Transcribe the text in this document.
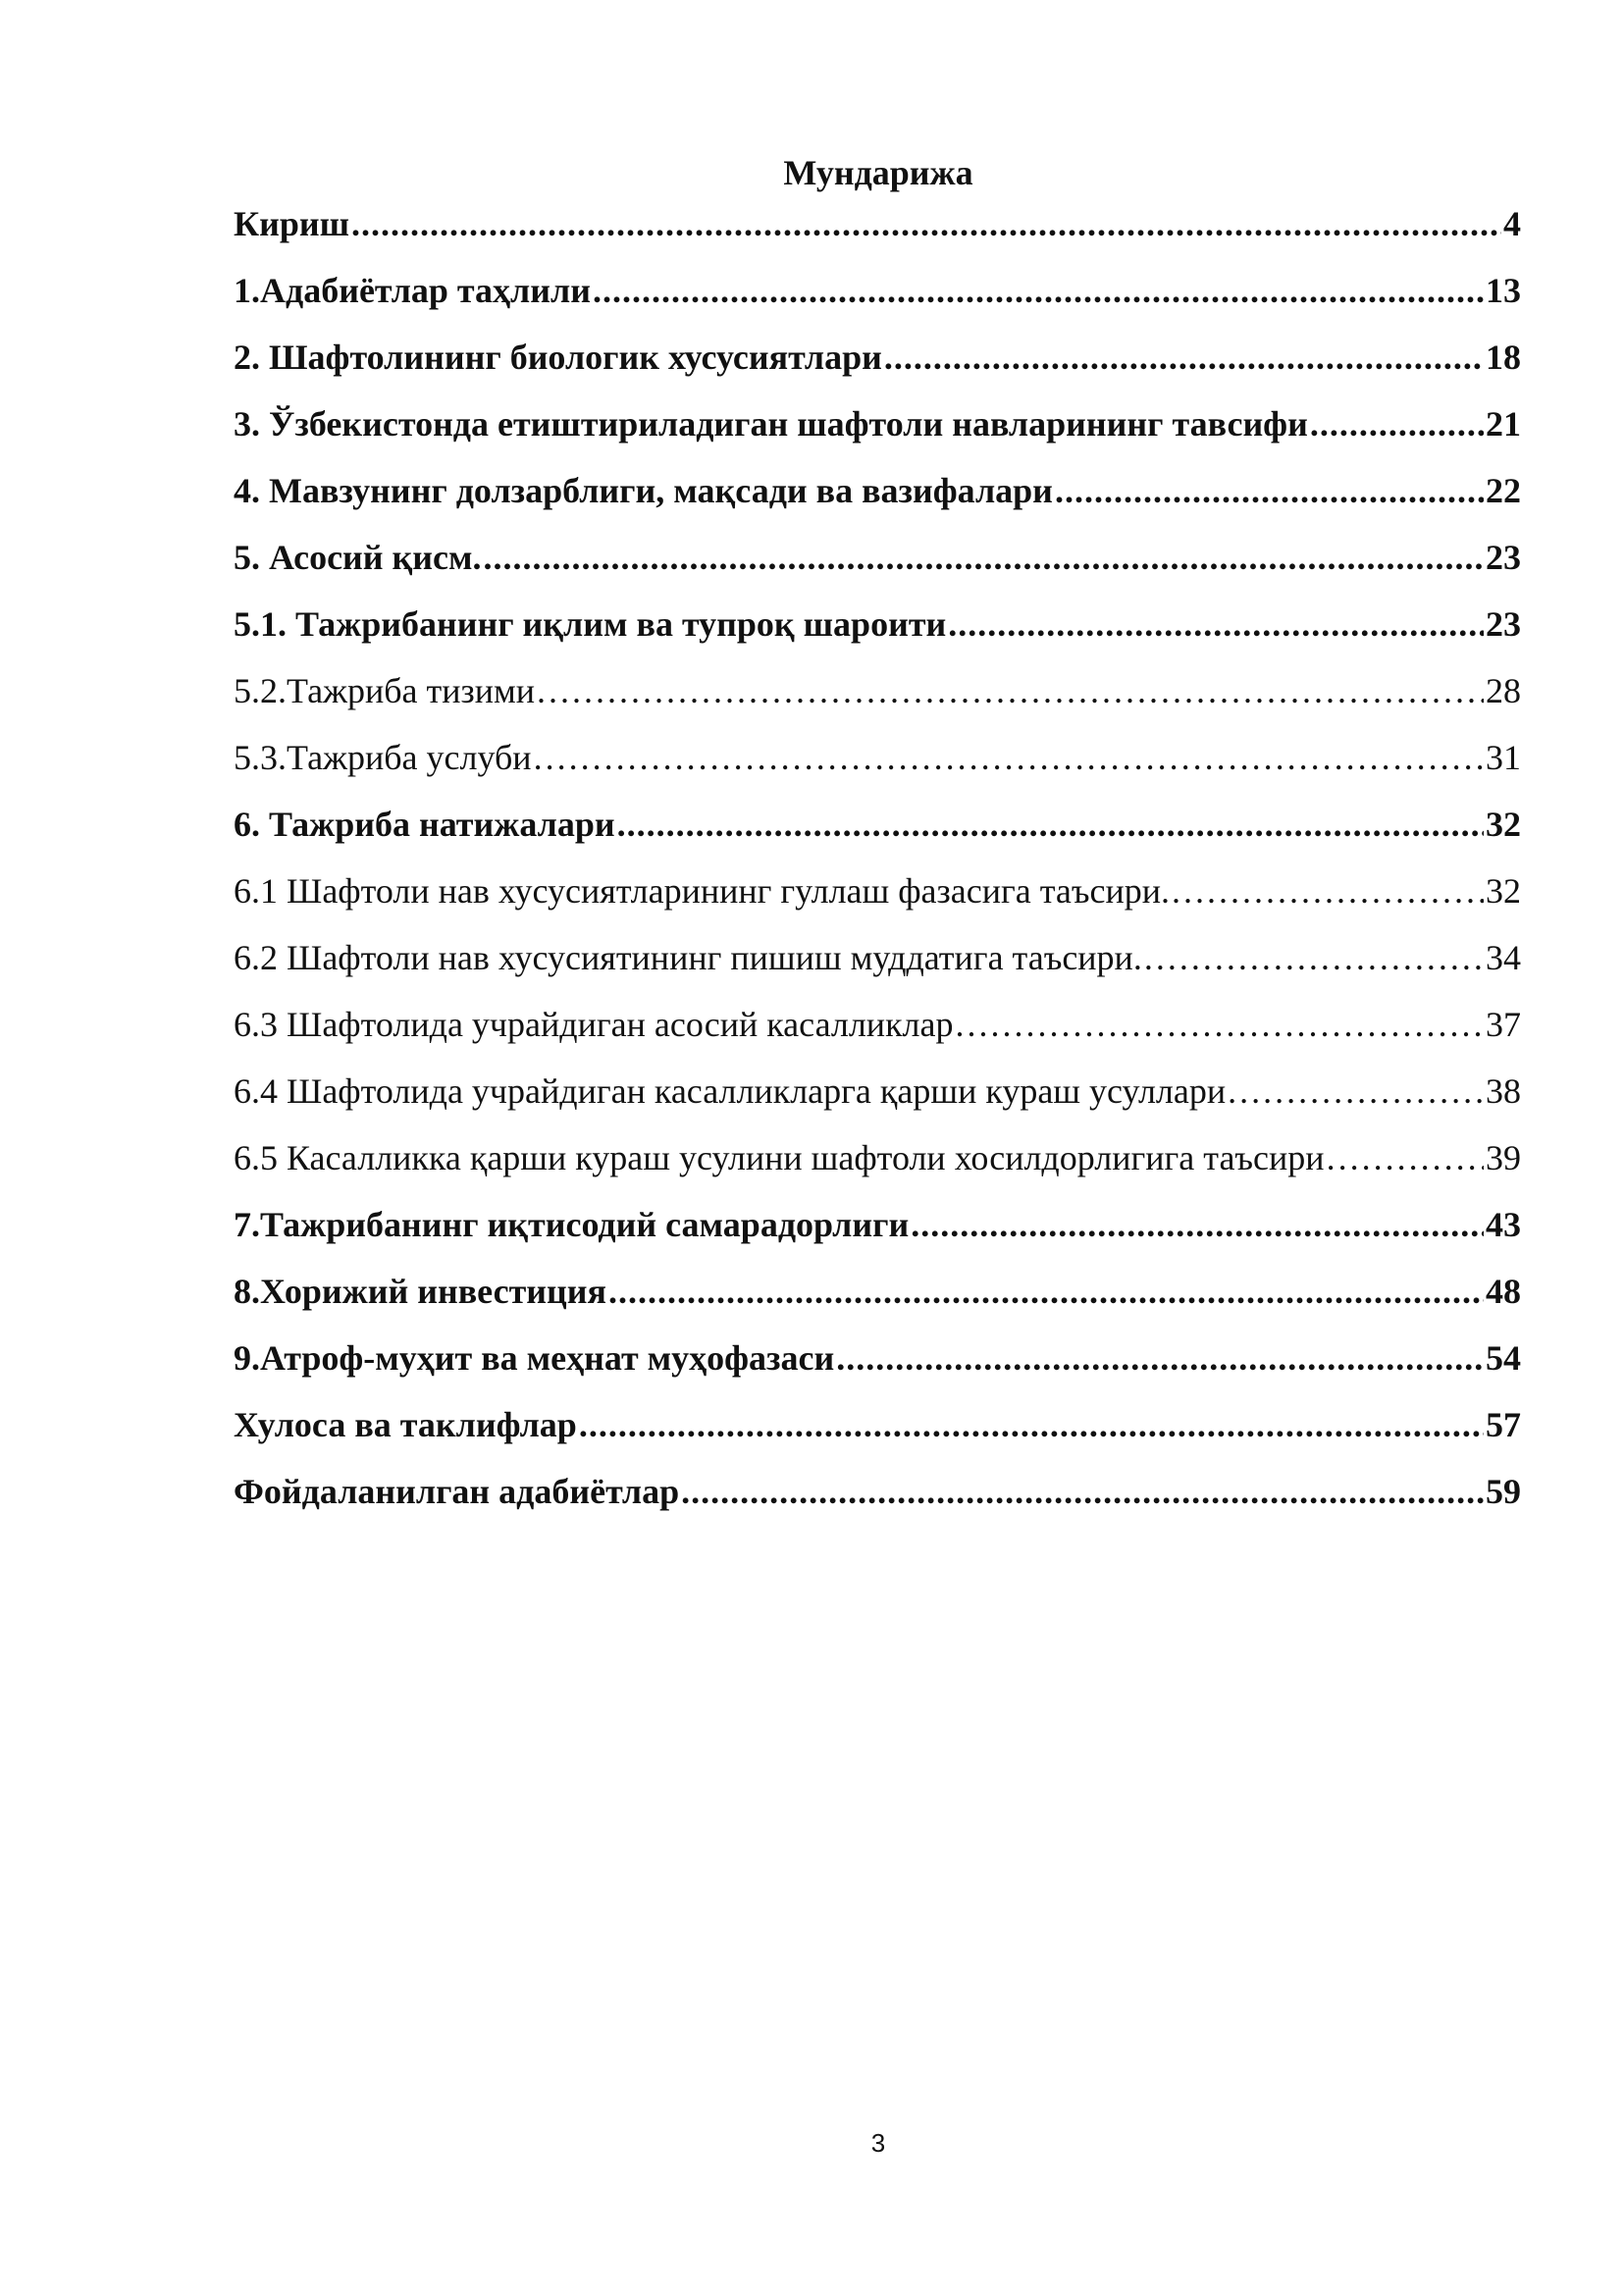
Мундарижа
Кириш .....	4
1.Адабиётлар таҳлили .....	13
2. Шафтолининг биологик хусусиятлари .....	18
3. Ўзбекистонда етиштириладиган шафтоли навларининг тавсифи .....	21
4. Мавзунинг долзарблиги, мақсади ва вазифалари .....	22
5. Асосий қисм. .....	23
5.1. Тажрибанинг иқлим ва тупроқ шароити .....	23
5.2.Тажриба тизими .....	28
5.3.Тажриба услуби .....	31
6. Тажриба натижалари .....	32
6.1 Шафтоли нав хусусиятларининг гуллаш фазасига таъсири. .....	32
6.2 Шафтоли нав хусусиятининг пишиш муддатига таъсири. .....	34
6.3 Шафтолида учрайдиган асосий касалликлар .....	37
6.4 Шафтолида учрайдиган касалликларга қарши кураш усуллари .....	38
6.5 Касалликка қарши кураш усулини шафтоли хосилдорлигига таъсири .....	39
7.Тажрибанинг иқтисодий самарадорлиги .....	43
8.Хорижий инвестиция .....	48
9.Атроф-муҳит ва меҳнат муҳофазаси .....	54
Хулоса ва таклифлар .....	57
Фойдаланилган адабиётлар .....	59
3
